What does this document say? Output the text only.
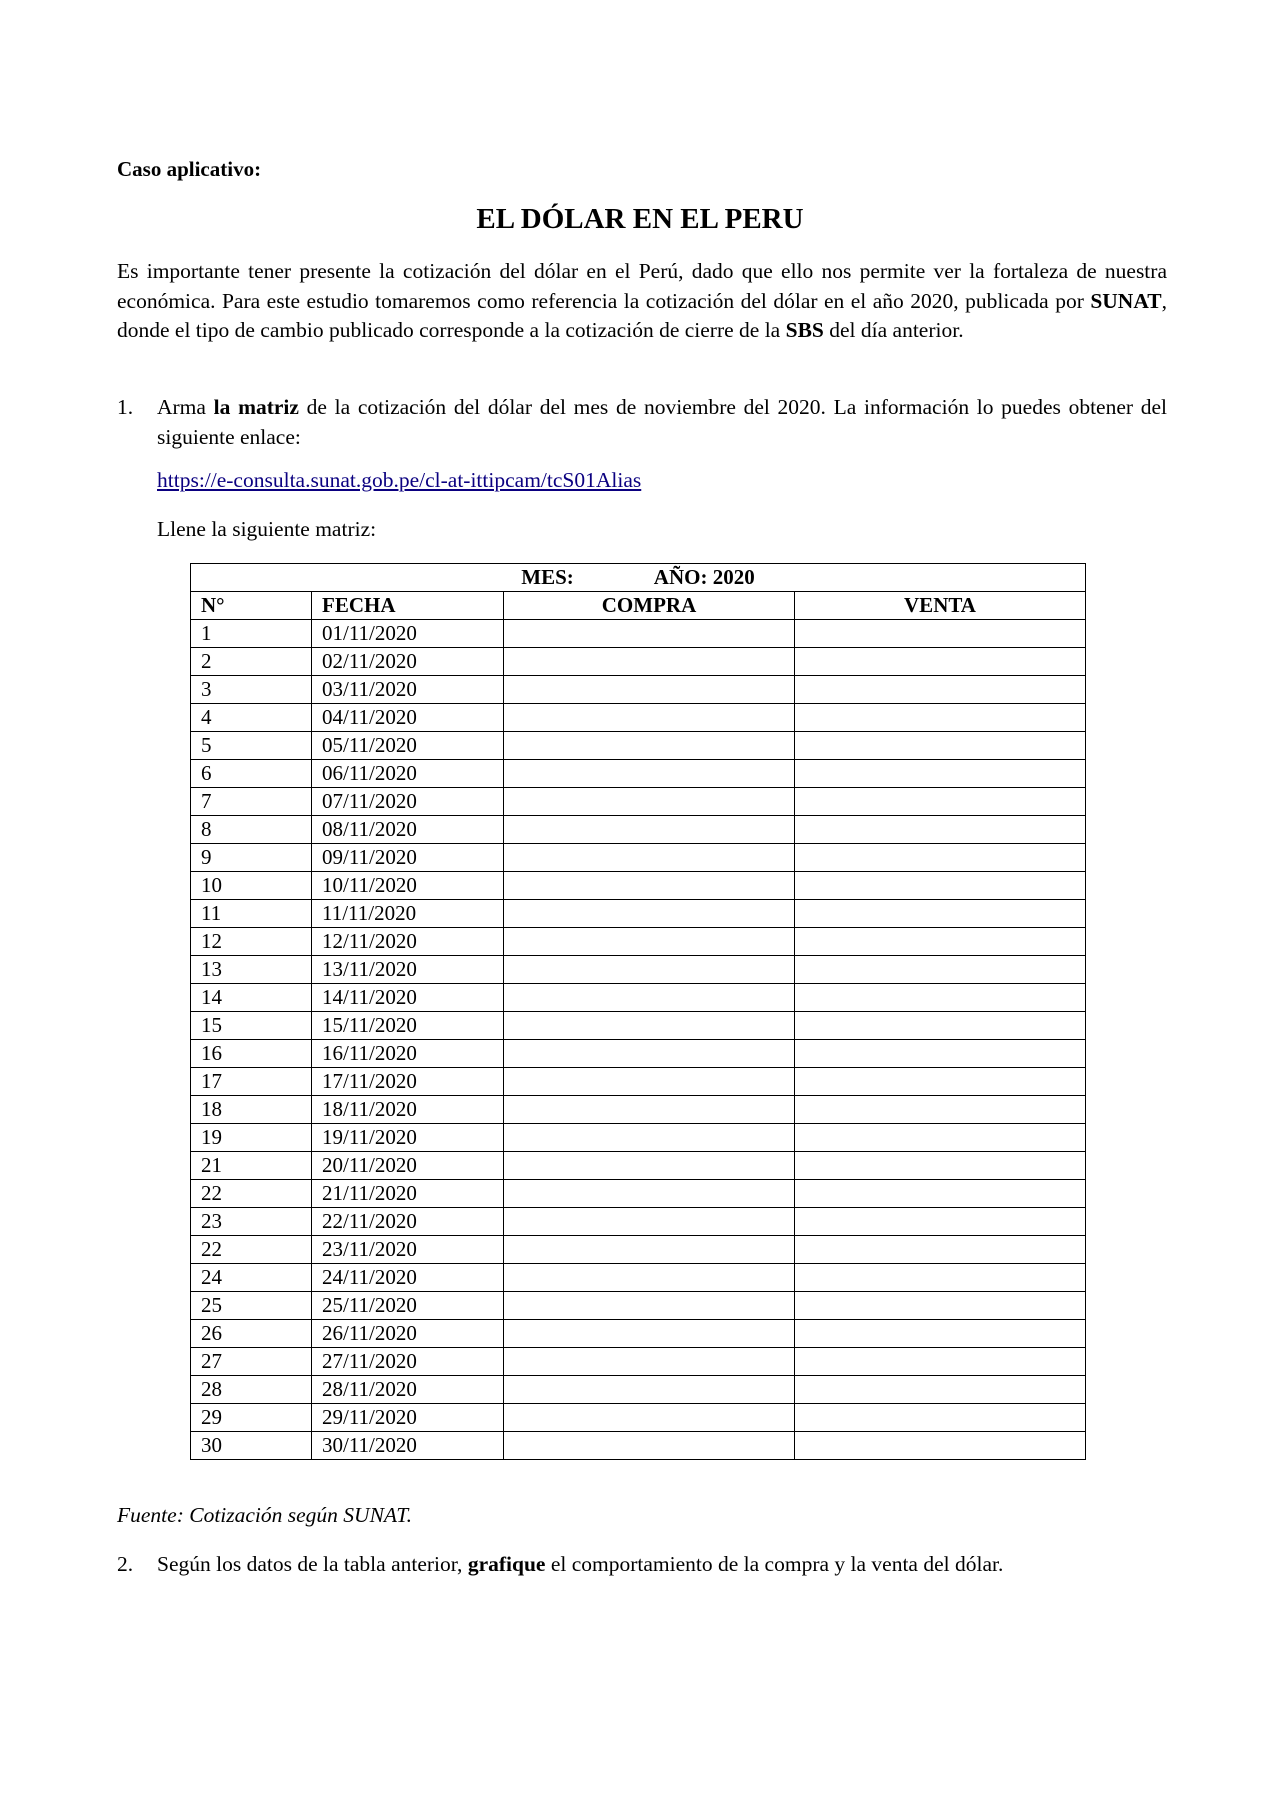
Caso aplicativo:
EL DÓLAR EN EL PERU
Es importante tener presente la cotización del dólar en el Perú, dado que ello nos permite ver la fortaleza de nuestra económica. Para este estudio tomaremos como referencia la cotización del dólar en el año 2020, publicada por SUNAT, donde el tipo de cambio publicado corresponde a la cotización de cierre de la SBS del día anterior.
1. Arma la matriz de la cotización del dólar del mes de noviembre del 2020. La información lo puedes obtener del siguiente enlace:
https://e-consulta.sunat.gob.pe/cl-at-ittipcam/tcS01Alias
Llene la siguiente matriz:
MES: AÑO: 2020			
N°	FECHA	COMPRA	VENTA
1	01/11/2020		
2	02/11/2020		
3	03/11/2020		
4	04/11/2020		
5	05/11/2020		
6	06/11/2020		
7	07/11/2020		
8	08/11/2020		
9	09/11/2020		
10	10/11/2020		
11	11/11/2020		
12	12/11/2020		
13	13/11/2020		
14	14/11/2020		
15	15/11/2020		
16	16/11/2020		
17	17/11/2020		
18	18/11/2020		
19	19/11/2020		
21	20/11/2020		
22	21/11/2020		
23	22/11/2020		
22	23/11/2020		
24	24/11/2020		
25	25/11/2020		
26	26/11/2020		
27	27/11/2020		
28	28/11/2020		
29	29/11/2020		
30	30/11/2020		
Fuente: Cotización según SUNAT.
2. Según los datos de la tabla anterior, grafique el comportamiento de la compra y la venta del dólar.
